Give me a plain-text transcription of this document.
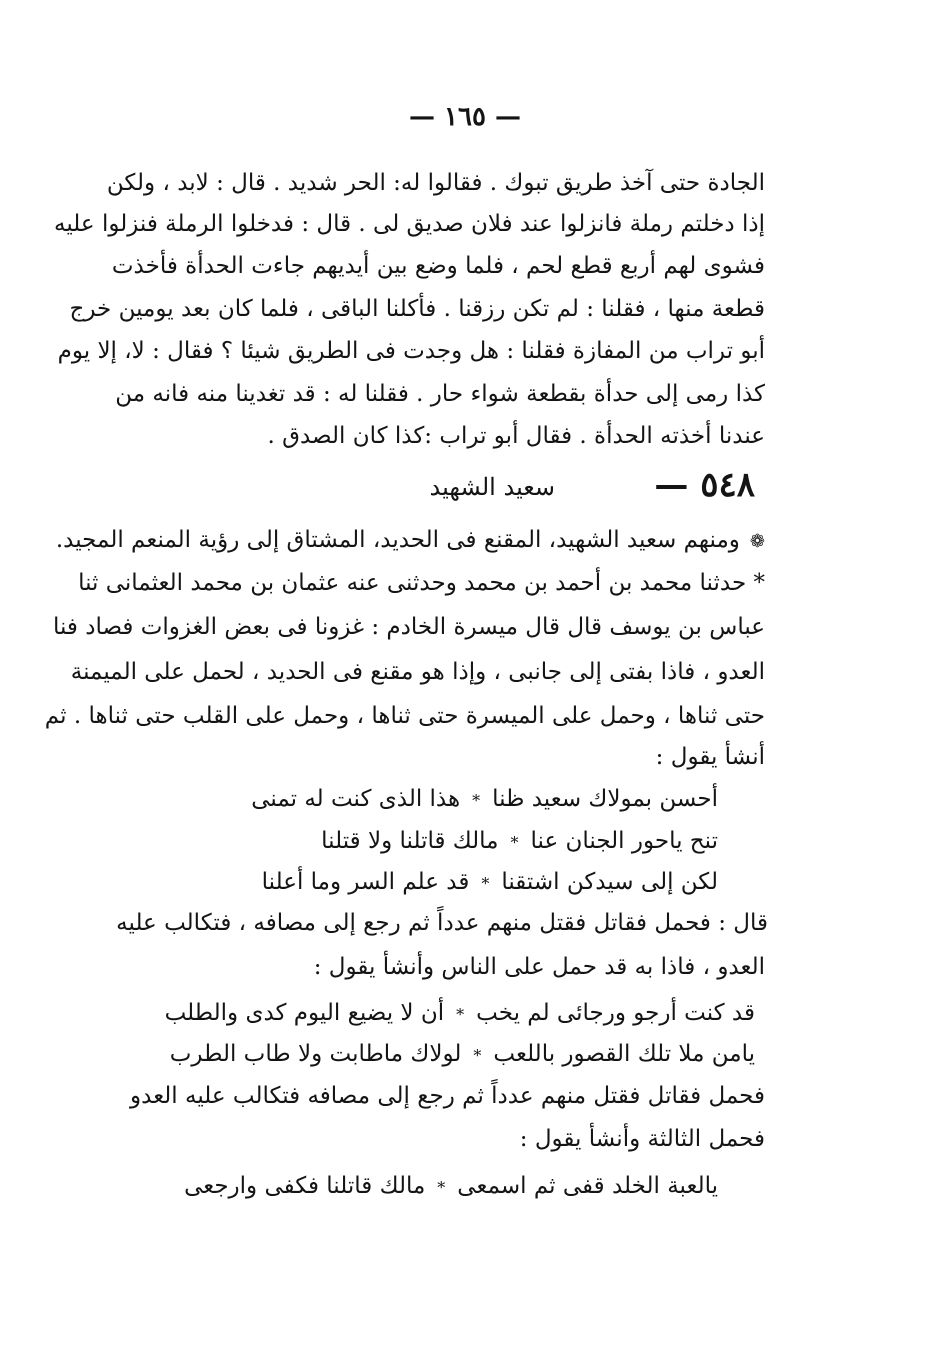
— ١٦٥ —
الجادة حتى آخذ طريق تبوك . فقالوا له: الحر شديد . قال : لابد ، ولكن
إذا دخلتم رملة فانزلوا عند فلان صديق لى . قال : فدخلوا الرملة فنزلوا عليه
فشوى لهم أربع قطع لحم ، فلما وضع بين أيديهم جاءت الحدأة فأخذت
قطعة منها ، فقلنا : لم تكن رزقنا . فأكلنا الباقى ، فلما كان بعد يومين خرج
أبو تراب من المفازة فقلنا : هل وجدت فى الطريق شيئا ؟ فقال : لا، إلا يوم
كذا رمى إلى حدأة بقطعة شواء حار . فقلنا له : قد تغدينا منه فانه من
عندنا أخذته الحدأة . فقال أبو تراب :كذا كان الصدق .
٥٤٨ —
سعيد الشهيد
❁ومنهم سعيد الشهيد، المقنع فى الحديد، المشتاق إلى رؤية المنعم المجيد.
* حدثنا محمد بن أحمد بن محمد وحدثنى عنه عثمان بن محمد العثمانى ثنا
عباس بن يوسف قال قال ميسرة الخادم : غزونا فى بعض الغزوات فصاد فنا
العدو ، فاذا بفتى إلى جانبى ، وإذا هو مقنع فى الحديد ، لحمل على الميمنة
حتى ثناها ، وحمل على الميسرة حتى ثناها ، وحمل على القلب حتى ثناها . ثم
أنشأ يقول :
أحسن بمولاك سعيد ظنا*هذا الذى كنت له تمنى
تنح ياحور الجنان عنا*مالك قاتلنا ولا قتلنا
لكن إلى سيدكن اشتقنا*قد علم السر وما أعلنا
قال : فحمل فقاتل فقتل منهم عدداً ثم رجع إلى مصافه ، فتكالب عليه
العدو ، فاذا به قد حمل على الناس وأنشأ يقول :
قد كنت أرجو ورجائى لم يخب*أن لا يضيع اليوم كدى والطلب
يامن ملا تلك القصور باللعب*لولاك ماطابت ولا طاب الطرب
فحمل فقاتل فقتل منهم عدداً ثم رجع إلى مصافه فتكالب عليه العدو
فحمل الثالثة وأنشأ يقول :
يالعبة الخلد قفى ثم اسمعى*مالك قاتلنا فكفى وارجعى
